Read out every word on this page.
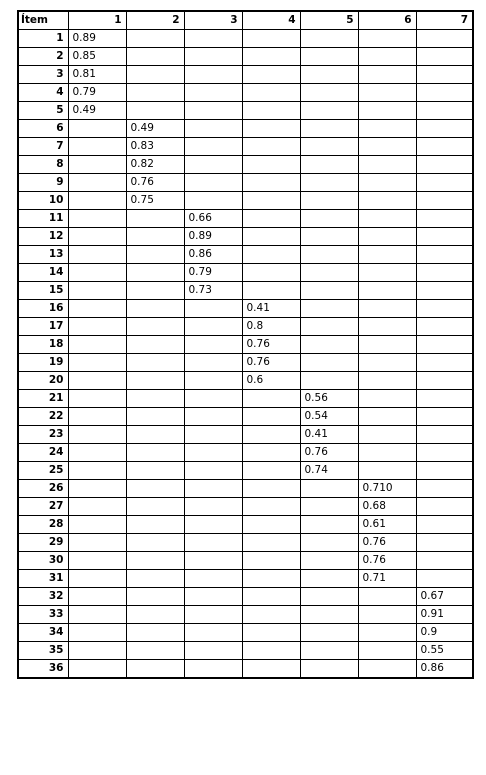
Ítem	1	2	3	4	5	6	7
1	0.89						
2	0.85						
3	0.81						
4	0.79						
5	0.49						
6		0.49					
7		0.83					
8		0.82					
9		0.76					
10		0.75					
11			0.66				
12			0.89				
13			0.86				
14			0.79				
15			0.73				
16				0.41			
17				0.8			
18				0.76			
19				0.76			
20				0.6			
21					0.56		
22					0.54		
23					0.41		
24					0.76		
25					0.74		
26						0.710	
27						0.68	
28						0.61	
29						0.76	
30						0.76	
31						0.71	
32							0.67
33							0.91
34							0.9
35							0.55
36							0.86
